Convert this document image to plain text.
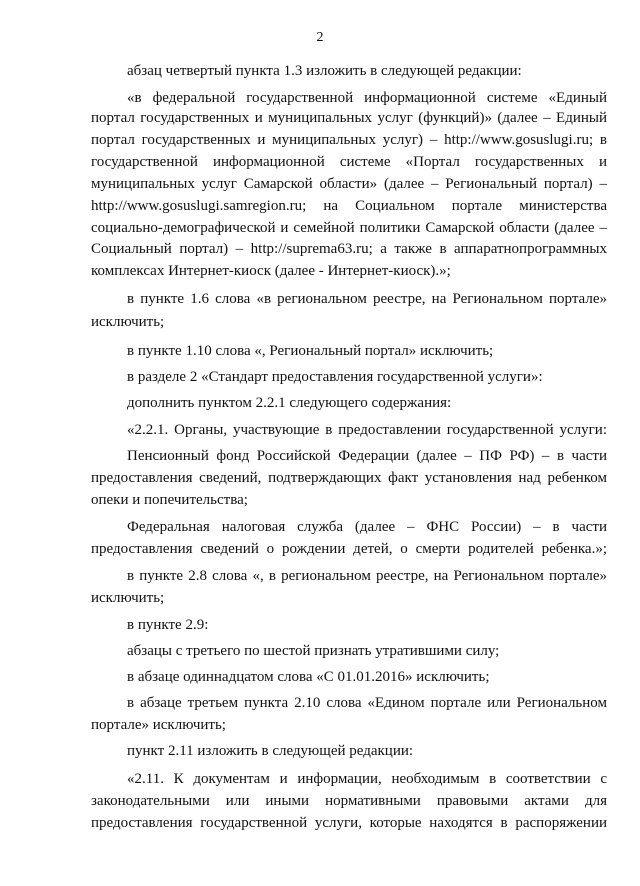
2
абзац четвертый пункта 1.3 изложить в следующей редакции:
«в федеральной государственной информационной системе «Единый
портал государственных и муниципальных услуг (функций)» (далее – Единый
портал государственных и муниципальных услуг) – http://www.gosuslugi.ru; в
государственной информационной системе «Портал государственных и
муниципальных услуг Самарской области» (далее – Региональный портал) –
http://www.gosuslugi.samregion.ru; на Социальном портале министерства
социально-демографической и семейной политики Самарской области (далее –
Социальный портал) – http://suprema63.ru; а также в аппаратнопрограммных
комплексах Интернет-киоск (далее - Интернет-киоск).»;
в пункте 1.6 слова «в региональном реестре, на Региональном портале»
исключить;
в пункте 1.10 слова «, Региональный портал» исключить;
в разделе 2 «Стандарт предоставления государственной услуги»:
дополнить пунктом 2.2.1 следующего содержания:
«2.2.1. Органы, участвующие в предоставлении государственной услуги:
Пенсионный фонд Российской Федерации (далее – ПФ РФ) – в части
предоставления сведений, подтверждающих факт установления над ребенком
опеки и попечительства;
Федеральная налоговая служба (далее – ФНС России) – в части
предоставления сведений о рождении детей, о смерти родителей ребенка.»;
в пункте 2.8 слова «, в региональном реестре, на Региональном портале»
исключить;
в пункте 2.9:
абзацы с третьего по шестой признать утратившими силу;
в абзаце одиннадцатом слова «С 01.01.2016» исключить;
в абзаце третьем пункта 2.10 слова «Едином портале или Региональном
портале» исключить;
пункт 2.11 изложить в следующей редакции:
«2.11. К документам и информации, необходимым в соответствии с
законодательными или иными нормативными правовыми актами для
предоставления государственной услуги, которые находятся в распоряжении
